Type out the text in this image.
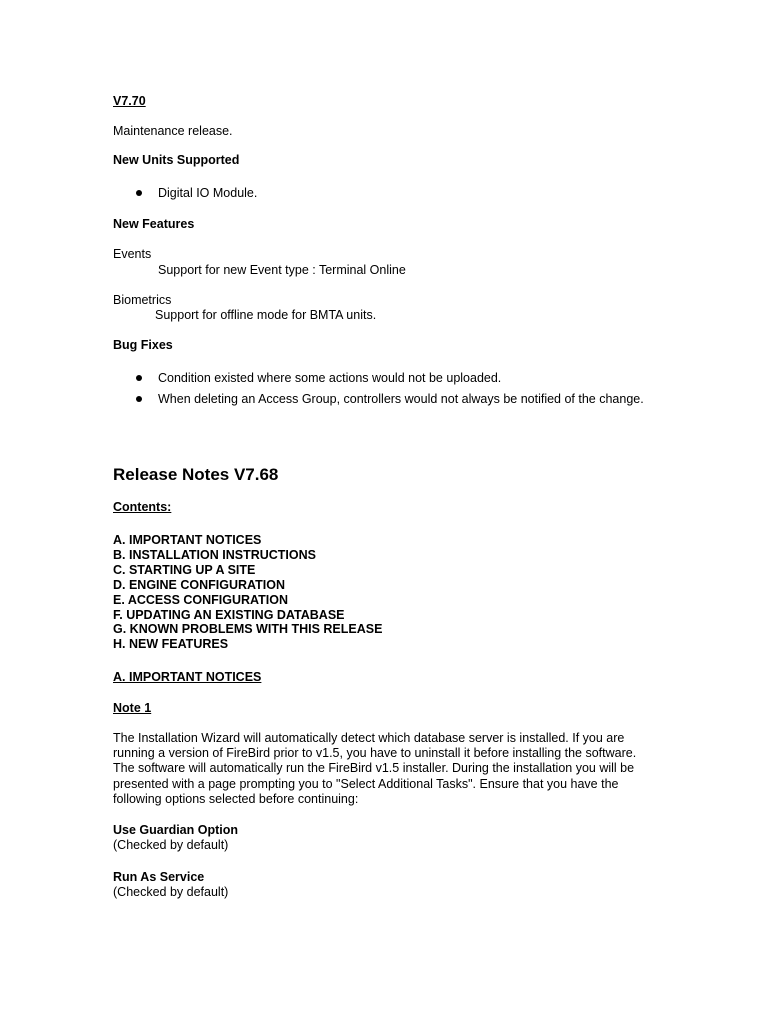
V7.70

Maintenance release.

New Units Supported

Digital IO Module.

New Features

Events

Support for new Event type : Terminal Online

Biometrics

Support for offline mode for BMTA units.

Bug Fixes

Condition existed where some actions would not be uploaded.
When deleting an Access Group, controllers would not always be notified of the change.

Release Notes V7.68

Contents:

A. IMPORTANT NOTICES
B. INSTALLATION INSTRUCTIONS
C. STARTING UP A SITE
D. ENGINE CONFIGURATION
E. ACCESS CONFIGURATION
F. UPDATING AN EXISTING DATABASE
G. KNOWN PROBLEMS WITH THIS RELEASE
H. NEW FEATURES

A. IMPORTANT NOTICES

Note 1

The Installation Wizard will automatically detect which database server is installed. If you are
running a version of FireBird prior to v1.5, you have to uninstall it before installing the software.
The software will automatically run the FireBird v1.5 installer. During the installation you will be
presented with a page prompting you to "Select Additional Tasks". Ensure that you have the
following options selected before continuing:

Use Guardian Option

(Checked by default)

Run As Service

(Checked by default)
